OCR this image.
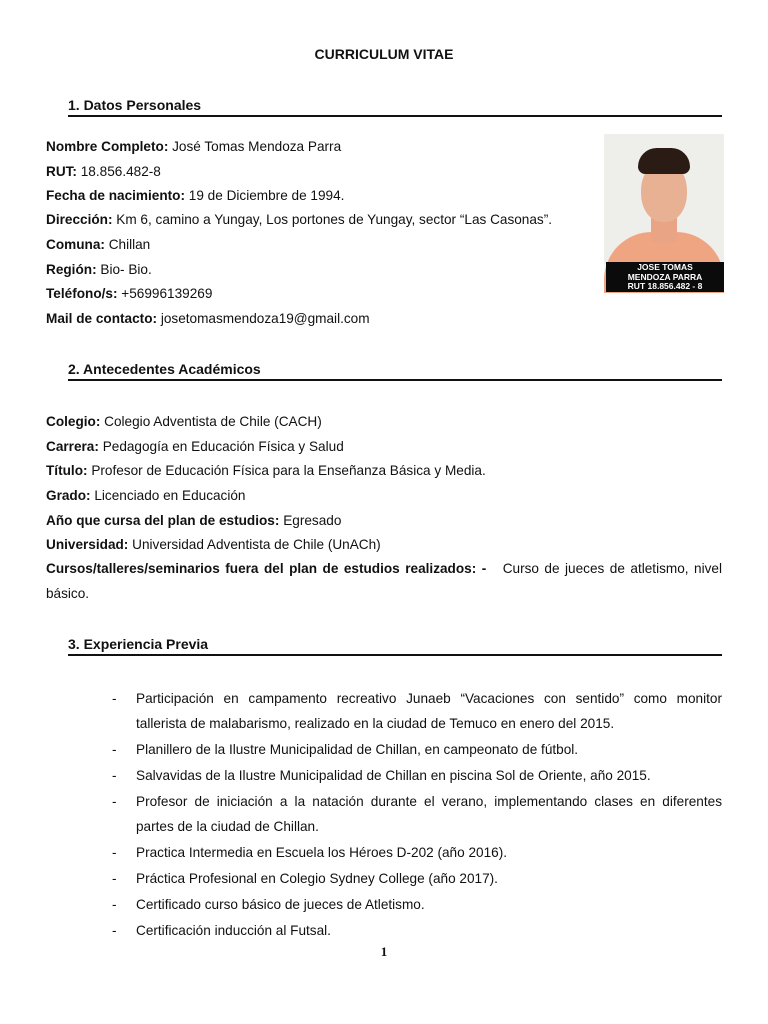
CURRICULUM VITAE
1. Datos Personales
Nombre Completo: José Tomas Mendoza Parra
RUT: 18.856.482-8
Fecha de nacimiento: 19 de Diciembre de 1994.
Dirección: Km 6, camino a Yungay, Los portones de Yungay, sector “Las Casonas”.
Comuna: Chillan
Región: Bio- Bio.
Teléfono/s: +56996139269
Mail de contacto: josetomasmendoza19@gmail.com
JOSE TOMAS
MENDOZA PARRA
RUT 18.856.482 - 8
2. Antecedentes Académicos
Colegio: Colegio Adventista de Chile (CACH)
Carrera: Pedagogía en Educación Física y Salud
Título: Profesor de Educación Física para la Enseñanza Básica y Media.
Grado: Licenciado en Educación
Año que cursa del plan de estudios: Egresado
Universidad: Universidad Adventista de Chile (UnACh)
Cursos/talleres/seminarios fuera del plan de estudios realizados: - Curso de jueces de atletismo, nivel básico.
3. Experiencia Previa
- Participación en campamento recreativo Junaeb “Vacaciones con sentido” como monitor tallerista de malabarismo, realizado en la ciudad de Temuco en enero del 2015.
- Planillero de la Ilustre Municipalidad de Chillan, en campeonato de fútbol.
- Salvavidas de la Ilustre Municipalidad de Chillan en piscina Sol de Oriente, año 2015.
- Profesor de iniciación a la natación durante el verano, implementando clases en diferentes partes de la ciudad de Chillan.
- Practica Intermedia en Escuela los Héroes D-202 (año 2016).
- Práctica Profesional en Colegio Sydney College (año 2017).
- Certificado curso básico de jueces de Atletismo.
- Certificación inducción al Futsal.
1
